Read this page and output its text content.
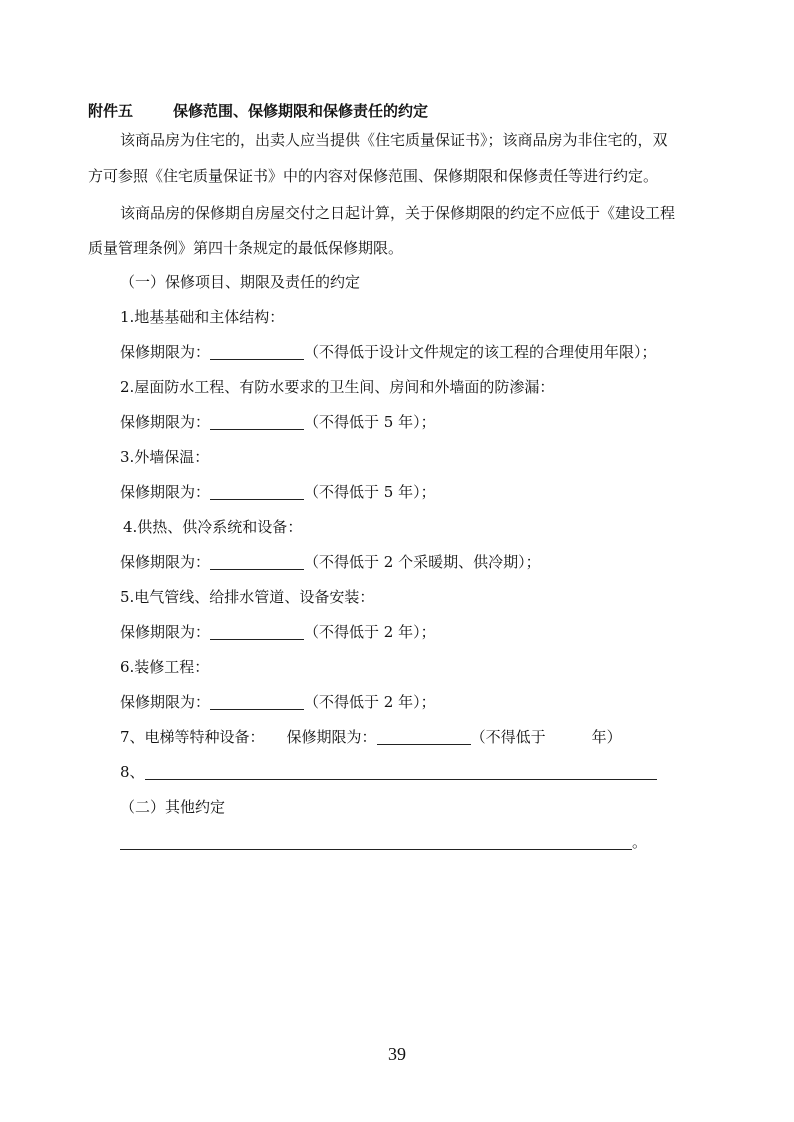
附件五	保修范围、保修期限和保修责任的约定
该商品房为住宅的，出卖人应当提供《住宅质量保证书》；该商品房为非住宅的，双
方可参照《住宅质量保证书》中的内容对保修范围、保修期限和保修责任等进行约定。
该商品房的保修期自房屋交付之日起计算，关于保修期限的约定不应低于《建设工程
质量管理条例》第四十条规定的最低保修期限。
（一）保修项目、期限及责任的约定
1.地基基础和主体结构：
保修期限为：	（不得低于设计文件规定的该工程的合理使用年限）；
2.屋面防水工程、有防水要求的卫生间、房间和外墙面的防渗漏：
保修期限为：	（不得低于 5 年）；
3.外墙保温：
保修期限为：	（不得低于 5 年）；
4.供热、供冷系统和设备：
保修期限为：	（不得低于 2 个采暖期、供冷期）；
5.电气管线、给排水管道、设备安装：
保修期限为：	（不得低于 2 年）；
6.装修工程：
保修期限为：	（不得低于 2 年）；
7、电梯等特种设备： 保修期限为：	（不得低于	年）
8、
（二）其他约定
。
39
